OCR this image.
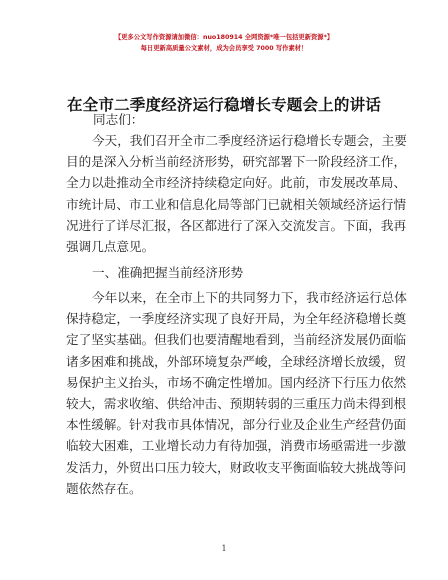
【更多公文写作资源请加微信：nuo180914 全网资源*唯一包括更新资源*】
每日更新高质量公文素材，成为会员享受 7000 写作素材！
在全市二季度经济运行稳增长专题会上的讲话
同志们：
今天，我们召开全市二季度经济运行稳增长专题会，主要
目的是深入分析当前经济形势，研究部署下一阶段经济工作，
全力以赴推动全市经济持续稳定向好。此前，市发展改革局、
市统计局、市工业和信息化局等部门已就相关领域经济运行情
况进行了详尽汇报，各区都进行了深入交流发言。下面，我再
强调几点意见。
一、准确把握当前经济形势
今年以来，在全市上下的共同努力下，我市经济运行总体
保持稳定，一季度经济实现了良好开局，为全年经济稳增长奠
定了坚实基础。但我们也要清醒地看到，当前经济发展仍面临
诸多困难和挑战，外部环境复杂严峻，全球经济增长放缓，贸
易保护主义抬头，市场不确定性增加。国内经济下行压力依然
较大，需求收缩、供给冲击、预期转弱的三重压力尚未得到根
本性缓解。针对我市具体情况，部分行业及企业生产经营仍面
临较大困难，工业增长动力有待加强，消费市场亟需进一步激
发活力，外贸出口压力较大，财政收支平衡面临较大挑战等问
题依然存在。
1
